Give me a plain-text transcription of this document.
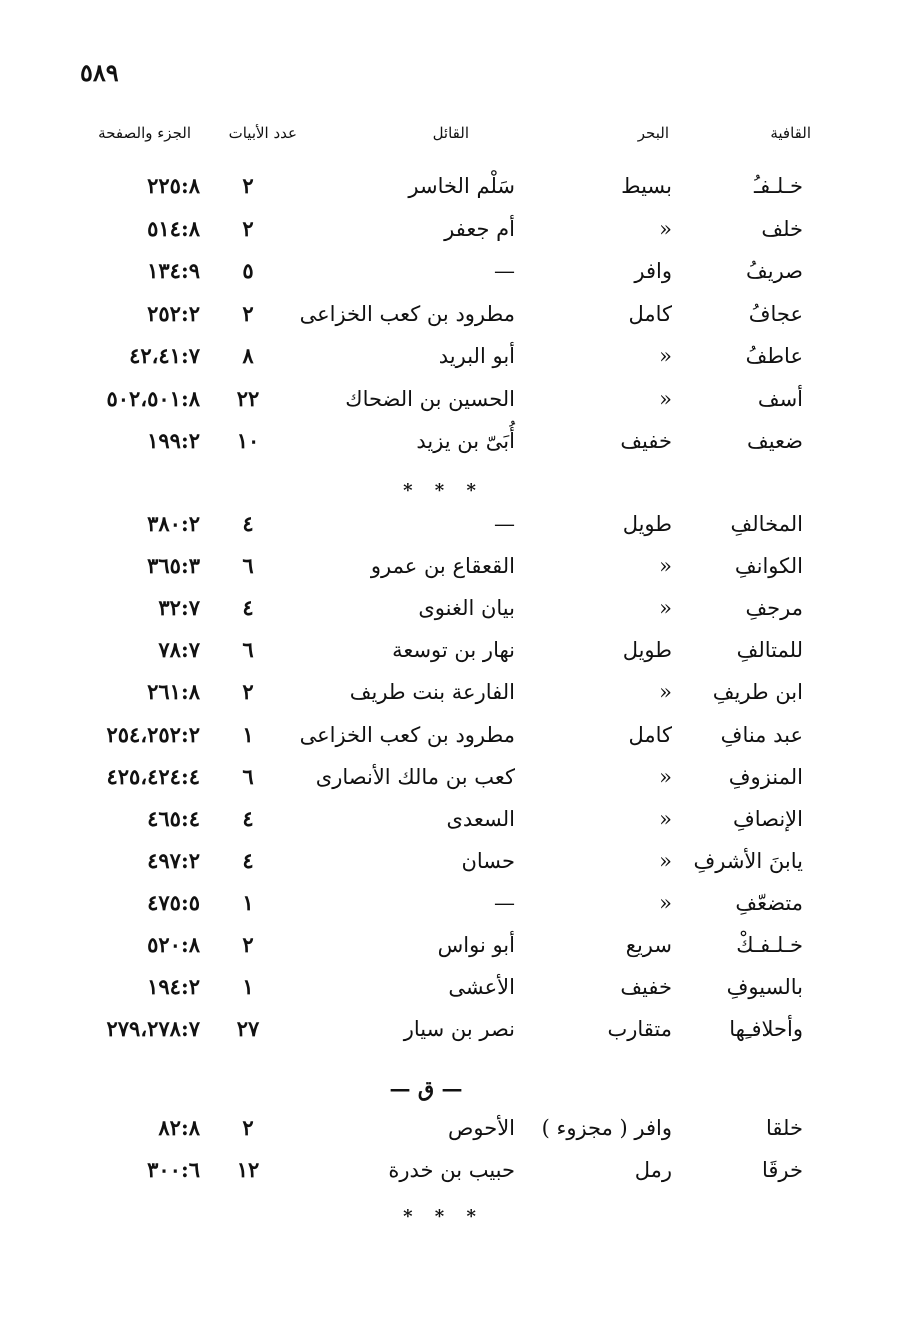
٥٨٩
القافية
البحر
القائل
عدد الأبيات
الجزء والصفحة
خـلـفـُ
بسيط
سَلْم الخاسر
٢
٢٢٥:٨
خلف
«
أم جعفر
٢
٥١٤:٨
صريفُ
وافر
—
٥
١٣٤:٩
عجافُ
كامل
مطرود بن كعب الخزاعى
٢
٢٥٢:٢
عاطفُ
«
أبو البريد
٨
٤٢،٤١:٧
أسف
«
الحسين بن الضحاك
٢٢
٥٠٢،٥٠١:٨
ضعيف
خفيف
أُبَىّ بن يزيد
١٠
١٩٩:٢
المخالفِ
طويل
—
٤
٣٨٠:٢
الكوانفِ
«
القعقاع بن عمرو
٦
٣٦٥:٣
مرجفِ
«
بيان الغنوى
٤
٣٢:٧
للمتالفِ
طويل
نهار بن توسعة
٦
٧٨:٧
ابن طريفِ
«
الفارعة بنت طريف
٢
٢٦١:٨
عبد منافِ
كامل
مطرود بن كعب الخزاعى
١
٢٥٤،٢٥٢:٢
المنزوفِ
«
كعب بن مالك الأنصارى
٦
٤٢٥،٤٢٤:٤
الإنصافِ
«
السعدى
٤
٤٦٥:٤
يابنَ الأشرفِ
«
حسان
٤
٤٩٧:٢
متضعّفِ
«
—
١
٤٧٥:٥
خـلـفـكْ
سريع
أبو نواس
٢
٥٢٠:٨
بالسيوفِ
خفيف
الأعشى
١
١٩٤:٢
وأحلافـِها
متقارب
نصر بن سيار
٢٧
٢٧٩،٢٧٨:٧
خلقا
وافر ( مجزوء )
الأحوص
٢
٨٢:٨
خرقَا
رمل
حبيب بن خدرة
١٢
٣٠٠:٦
* * *
— ق —
* * *
